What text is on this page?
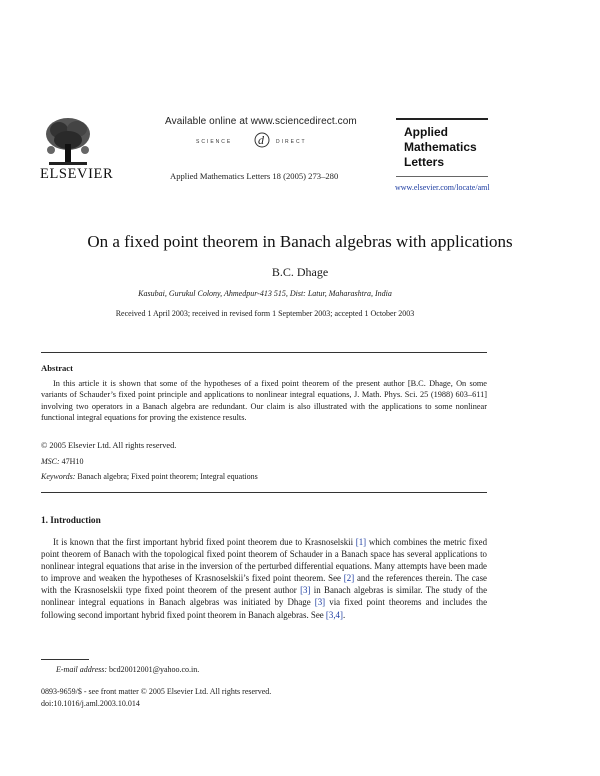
ELSEVIER
Available online at www.sciencedirect.com
SCIENCE d DIRECT
Applied Mathematics Letters 18 (2005) 273–280
Applied
Mathematics
Letters
www.elsevier.com/locate/aml
On a fixed point theorem in Banach algebras with applications
B.C. Dhage
Kasubai, Gurukul Colony, Ahmedpur-413 515, Dist: Latur, Maharashtra, India
Received 1 April 2003; received in revised form 1 September 2003; accepted 1 October 2003
Abstract
In this article it is shown that some of the hypotheses of a fixed point theorem of the present author [B.C. Dhage, On some variants of Schauder’s fixed point principle and applications to nonlinear integral equations, J. Math. Phys. Sci. 25 (1988) 603–611] involving two operators in a Banach algebra are redundant. Our claim is also illustrated with the applications to some nonlinear functional integral equations for proving the existence results.
© 2005 Elsevier Ltd. All rights reserved.
MSC: 47H10
Keywords: Banach algebra; Fixed point theorem; Integral equations
1. Introduction
It is known that the first important hybrid fixed point theorem due to Krasnoselskii [1] which combines the metric fixed point theorem of Banach with the topological fixed point theorem of Schauder in a Banach space has several applications to nonlinear integral equations that arise in the inversion of the perturbed differential equations. Many attempts have been made to improve and weaken the hypotheses of Krasnoselskii’s fixed point theorem. See [2] and the references therein. The case with the Krasnoselskii type fixed point theorem of the present author [3] in Banach algebras is similar. The study of the nonlinear integral equations in Banach algebras was initiated by Dhage [3] via fixed point theorems and includes the following second important hybrid fixed point theorem in Banach algebras. See [3,4].
E-mail address: bcd20012001@yahoo.co.in.
0893-9659/$ - see front matter © 2005 Elsevier Ltd. All rights reserved.
doi:10.1016/j.aml.2003.10.014
